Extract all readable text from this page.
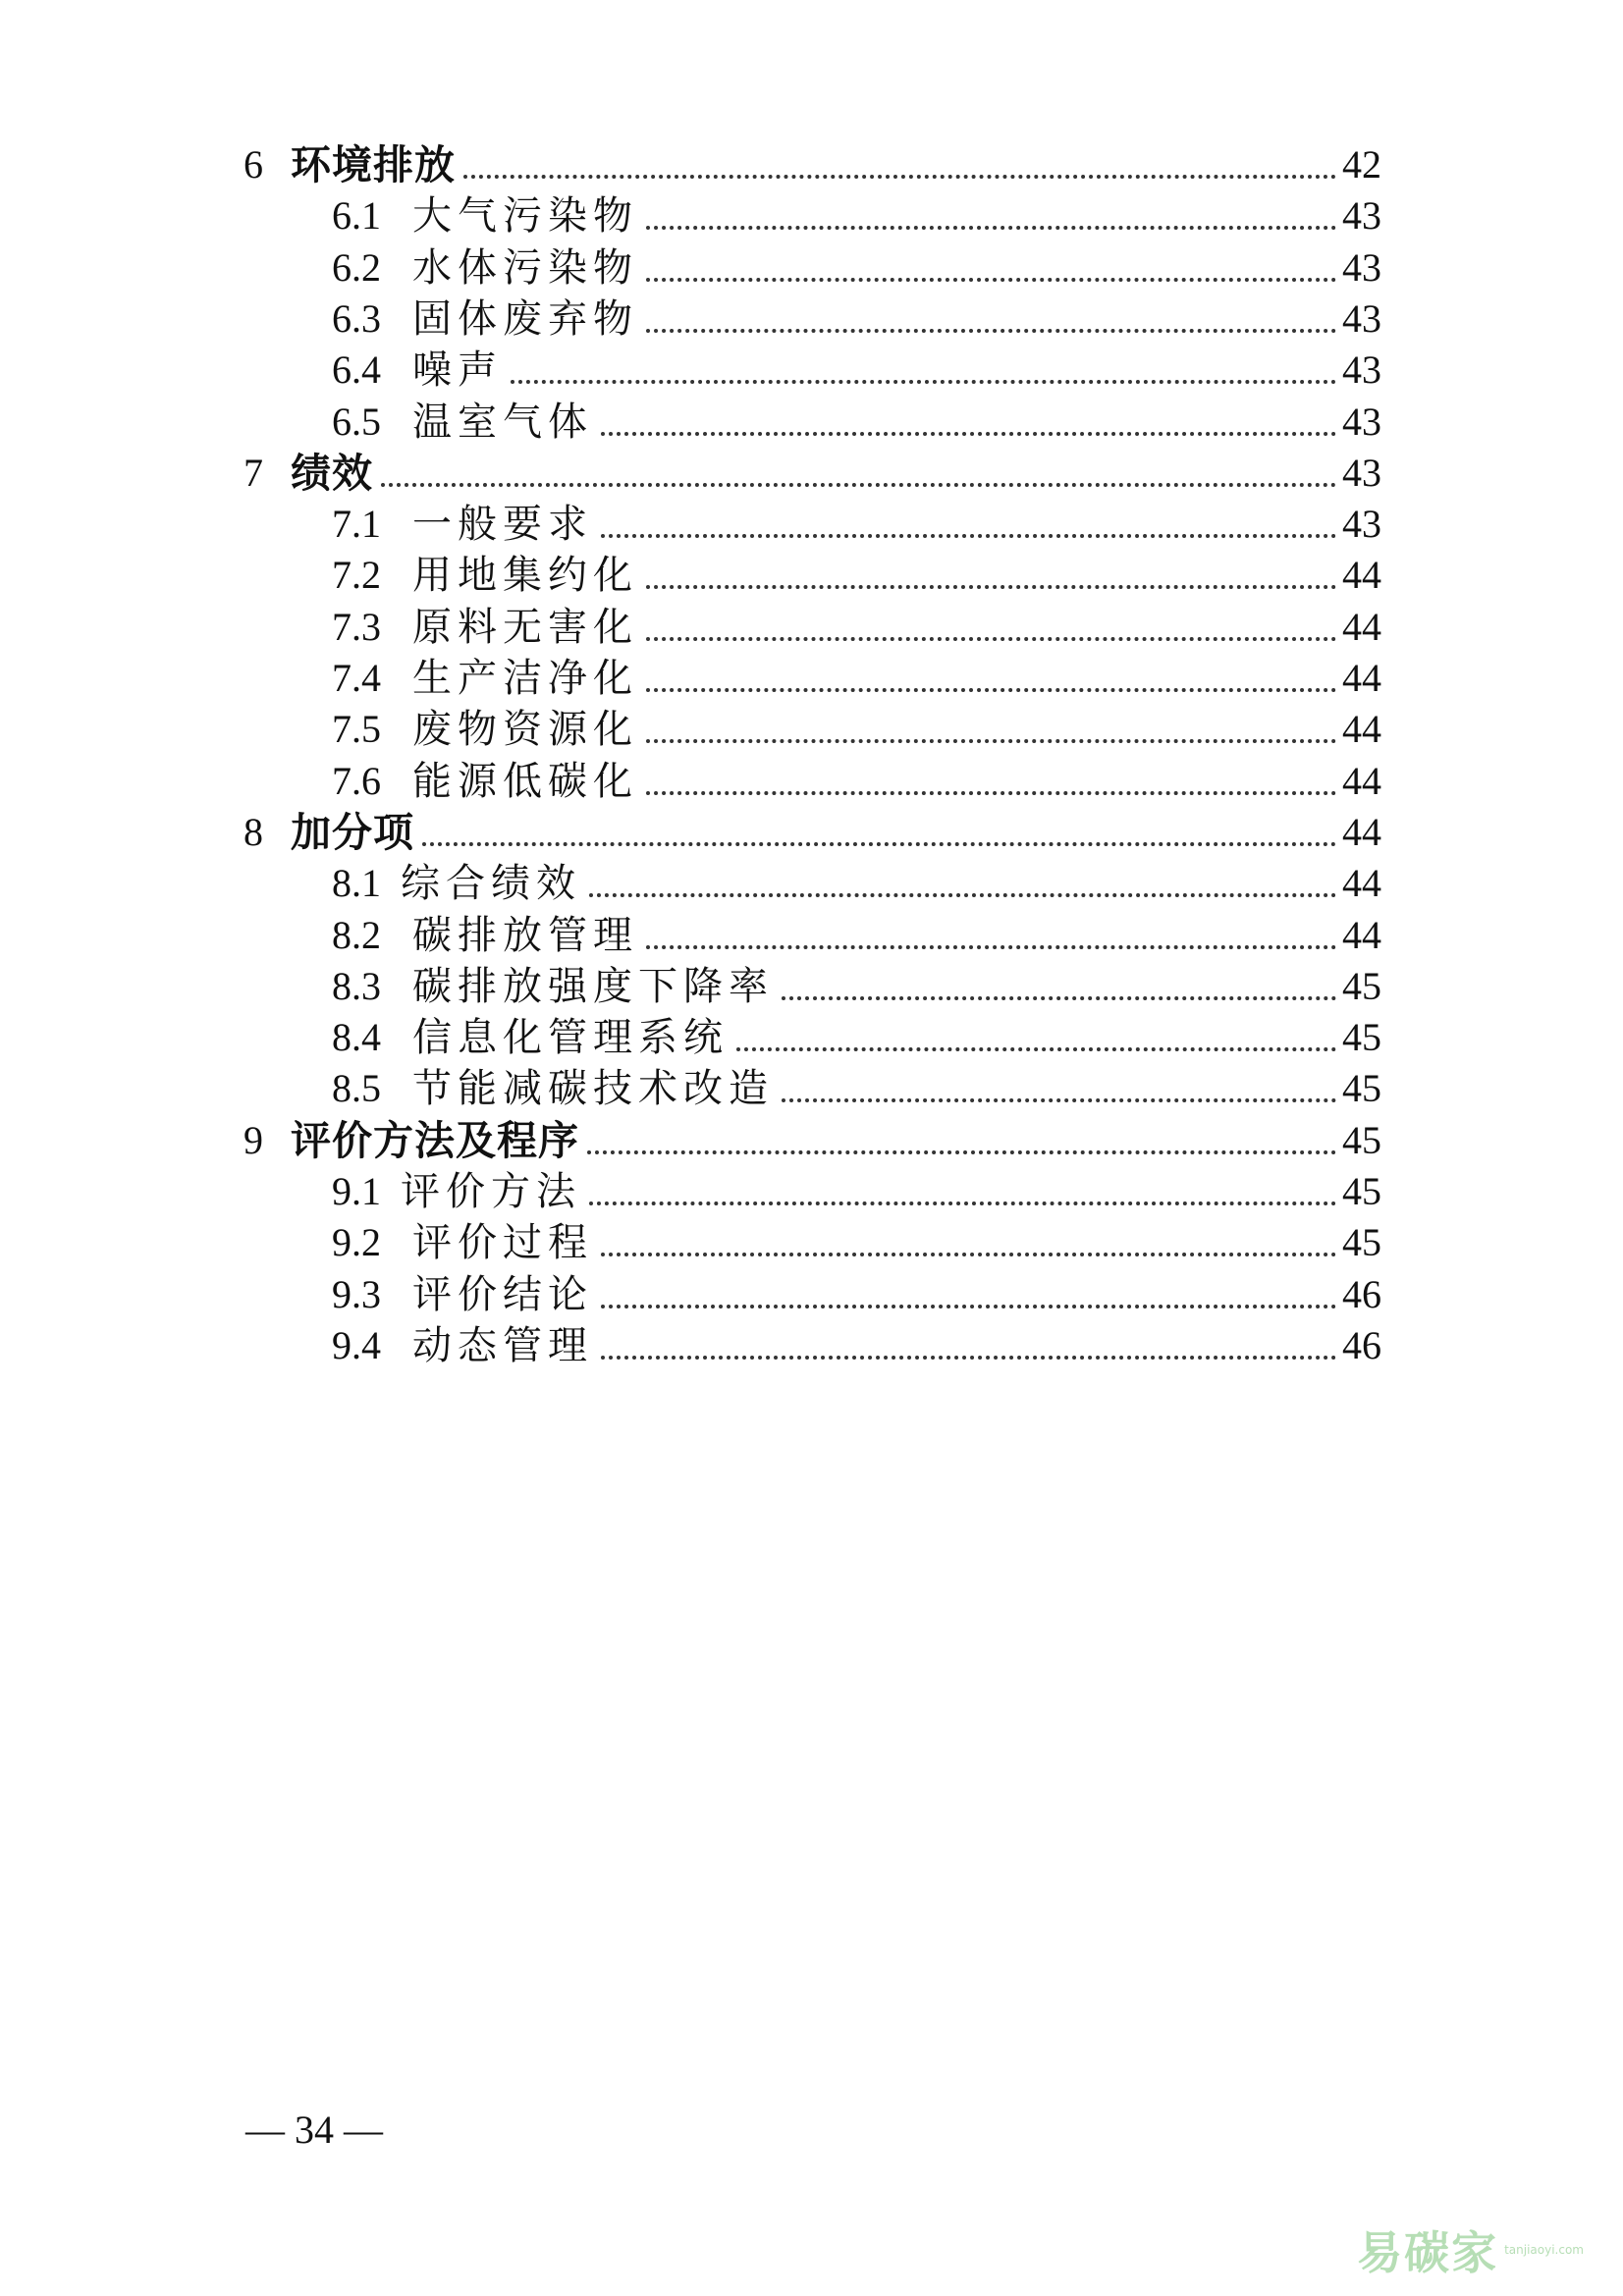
6 环境排放	42
6.1 大气污染物	43
6.2 水体污染物	43
6.3 固体废弃物	43
6.4 噪声	43
6.5 温室气体	43
7 绩效	43
7.1 一般要求	43
7.2 用地集约化	44
7.3 原料无害化	44
7.4 生产洁净化	44
7.5 废物资源化	44
7.6 能源低碳化	44
8 加分项	44
8.1 综合绩效	44
8.2 碳排放管理	44
8.3 碳排放强度下降率	45
8.4 信息化管理系统	45
8.5 节能减碳技术改造	45
9 评价方法及程序	45
9.1 评价方法	45
9.2 评价过程	45
9.3 评价结论	46
9.4 动态管理	46
— 34 —
易碳家 tanjiaoyi.com
